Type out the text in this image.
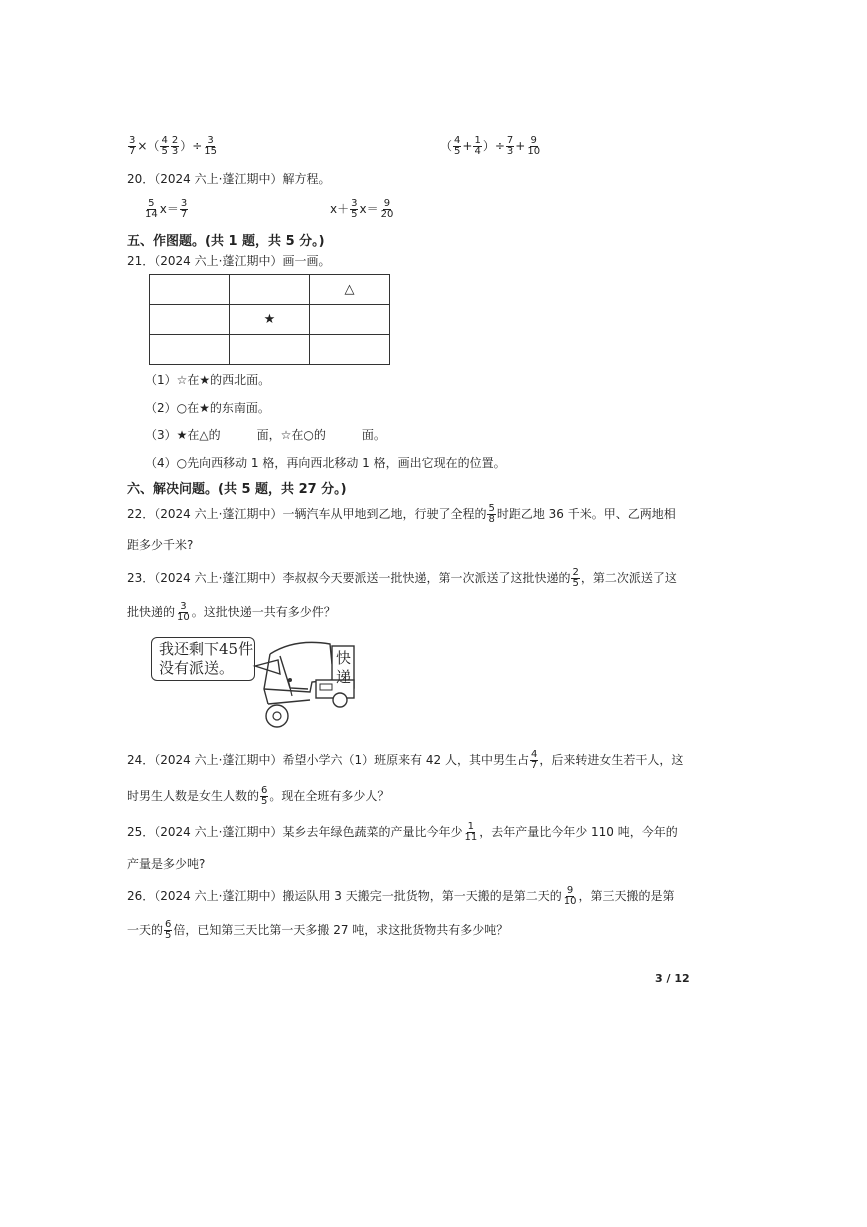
$\frac{3}{7}$ ×（ $\frac{4}{5} \frac{2}{3}$ ）÷ $\frac{3}{15}$	（ $\frac{4}{5} + \frac{1}{4}$ ）÷ $\frac{7}{3} + \frac{9}{10}$
20．（2024 六上·蓬江期中）解方程。
$\frac{5}{14} x= \frac{3}{7}$	$x+ \frac{3}{5} x= \frac{9}{20}$
五、作图题。(共 1 题，共 5 分。)
21．（2024 六上·蓬江期中）画一画。
		△
	★	

（1）☆在★的西北面。
（2）○在★的东南面。
（3）★在△的　　　面，☆在○的　　　面。
（4）○先向西移动 1 格，再向西北移动 1 格，画出它现在的位置。
六、解决问题。(共 5 题，共 27 分。)
22．（2024 六上·蓬江期中）一辆汽车从甲地到乙地，行驶了全程的 $\frac{5}{8}$ 时距乙地 36 千米。甲、乙两地相
距多少千米?
23．（2024 六上·蓬江期中）李叔叔今天要派送一批快递，第一次派送了这批快递的 $\frac{2}{5}$ ，第二次派送了这
批快递的 $\frac{3}{10}$ 。这批快递一共有多少件？
我还剩下45件
没有派送。
快
递
24．（2024 六上·蓬江期中）希望小学六（1）班原来有 42 人，其中男生占 $\frac{4}{7}$ ，后来转进女生若干人，这
时男生人数是女生人数的 $\frac{6}{5}$ 。现在全班有多少人？
25．（2024 六上·蓬江期中）某乡去年绿色蔬菜的产量比今年少 $\frac{1}{11}$ ，去年产量比今年少 110 吨，今年的
产量是多少吨?
26．（2024 六上·蓬江期中）搬运队用 3 天搬完一批货物，第一天搬的是第二天的 $\frac{9}{10}$ ，第三天搬的是第
一天的 $\frac{6}{5}$ 倍，已知第三天比第一天多搬 27 吨，求这批货物共有多少吨？
3 / 12
